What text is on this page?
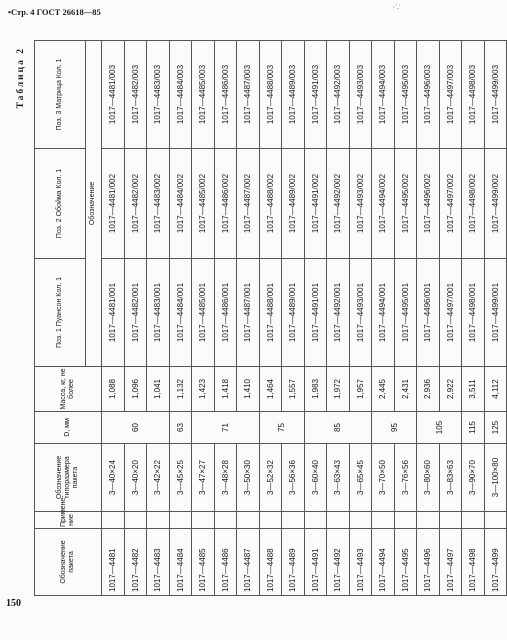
•Стр. 4 ГОСТ 26618—85	·∵
150
Таблица 2
Обозначение пакета	Примене-ние	Обозначение типоразмера пакета	D, мм	Масса, кг, не более	Поз. 1 Пуансон Кол. 1	Поз. 2 Обойма Кол. 1	Поз. 3 Матрица Кол. 1
					Обозначение		
1017—4481		3—40×24	60	1,088	1017—4481/001	1017—4481/002	1017—4481/003
1017—4482		3—40×20		1,096	1017—4482/001	1017—4482/002	1017—4482/003
1017—4483		3—42×22		1,041	1017—4483/001	1017—4483/002	1017—4483/003
1017—4484		3—45×25	63	1,132	1017—4484/001	1017—4484/002	1017—4484/003
1017—4485		3—47×27	71	1,423	1017—4485/001	1017—4485/002	1017—4485/003
1017—4486		3—48×28		1,418	1017—4486/001	1017—4486/002	1017—4486/003
1017—4487		3—50×30		1,410	1017—4487/001	1017—4487/002	1017—4487/003
1017—4488		3—52×32	75	1,464	1017—4488/001	1017—4488/002	1017—4488/003
1017—4489		3—56×36		1,557	1017—4489/001	1017—4489/002	1017—4489/003
1017—4491		3—60×40	85	1,983	1017—4491/001	1017—4491/002	1017—4491/003
1017—4492		3—63×43		1,972	1017—4492/001	1017—4492/002	1017—4492/003
1017—4493		3—65×45		1,957	1017—4493/001	1017—4493/002	1017—4493/003
1017—4494		3—70×50	95	2,445	1017—4494/001	1017—4494/002	1017—4494/003
1017—4495		3—76×56		2,431	1017—4495/001	1017—4495/002	1017—4495/003
1017—4496		3—80×60	105	2,936	1017—4496/001	1017—4496/002	1017—4496/003
1017—4497		3—83×63		2,922	1017—4497/001	1017—4497/002	1017—4497/003
1017—4498		3—90×70	115	3,511	1017—4498/001	1017—4498/002	1017—4498/003
1017—4499		3—100×80	125	4,112	1017—4499/001	1017—4499/002	1017—4499/003
